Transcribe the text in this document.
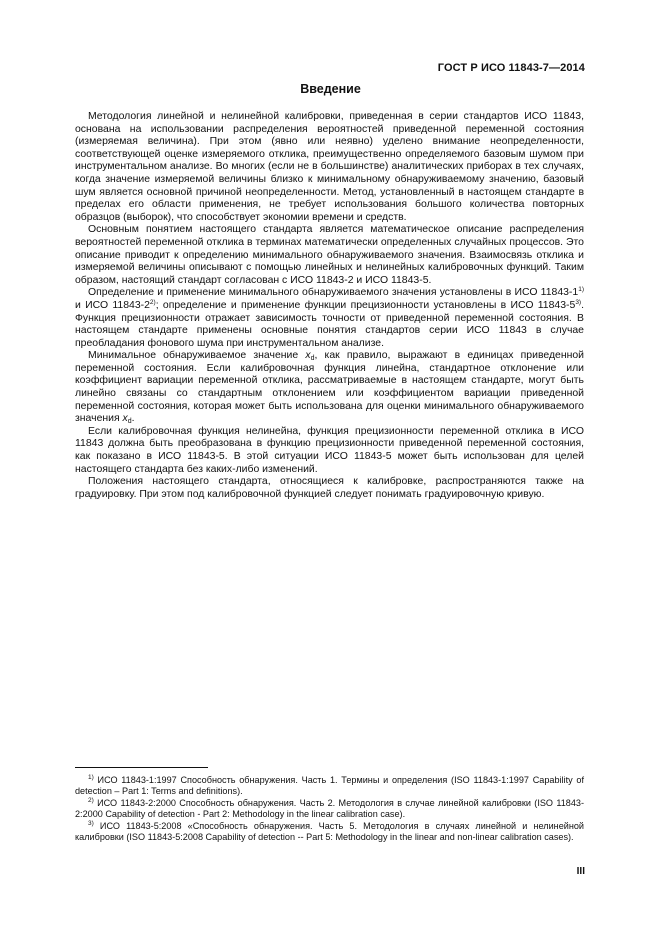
ГОСТ Р ИСО 11843-7—2014
Введение

Методология линейной и нелинейной калибровки, приведенная в серии стандартов ИСО 11843, основана на использовании распределения вероятностей приведенной переменной состояния (измеряемая величина). При этом (явно или неявно) уделено внимание неопределенности, соответствующей оценке измеряемого отклика, преимущественно определяемого базовым шумом при инструментальном анализе. Во многих (если не в большинстве) аналитических приборах в тех случаях, когда значение измеряемой величины близко к минимальному обнаруживаемому значению, базовый шум является основной причиной неопределенности. Метод, установленный в настоящем стандарте в пределах его области применения, не требует использования большого количества повторных образцов (выборок), что способствует экономии времени и средств.

Основным понятием настоящего стандарта является математическое описание распределения вероятностей переменной отклика в терминах математически определенных случайных процессов. Это описание приводит к определению минимального обнаруживаемого значения. Взаимосвязь отклика и измеряемой величины описывают с помощью линейных и нелинейных калибровочных функций. Таким образом, настоящий стандарт согласован с ИСО 11843-2 и ИСО 11843-5.

Определение и применение минимального обнаруживаемого значения установлены в ИСО 11843-1$^{1)}$ и ИСО 11843-2$^{2)}$; определение и применение функции прецизионности установлены в ИСО 11843-5$^{3)}$. Функция прецизионности отражает зависимость точности от приведенной переменной состояния. В настоящем стандарте применены основные понятия стандартов серии ИСО 11843 в случае преобладания фонового шума при инструментальном анализе.

Минимальное обнаруживаемое значение $x_d$, как правило, выражают в единицах приведенной переменной состояния. Если калибровочная функция линейна, стандартное отклонение или коэффициент вариации переменной отклика, рассматриваемые в настоящем стандарте, могут быть линейно связаны со стандартным отклонением или коэффициентом вариации приведенной переменной состояния, которая может быть использована для оценки минимального обнаруживаемого значения $x_d$.

Если калибровочная функция нелинейна, функция прецизионности переменной отклика в ИСО 11843 должна быть преобразована в функцию прецизионности приведенной переменной состояния, как показано в ИСО 11843-5. В этой ситуации ИСО 11843-5 может быть использован для целей настоящего стандарта без каких-либо изменений.

Положения настоящего стандарта, относящиеся к калибровке, распространяются также на градуировку. При этом под калибровочной функцией следует понимать градуировочную кривую.

$^{1)}$ ИСО 11843-1:1997 Способность обнаружения. Часть 1. Термины и определения (ISO 11843-1:1997 Capability of detection – Part 1: Terms and definitions).

$^{2)}$ ИСО 11843-2:2000 Способность обнаружения. Часть 2. Методология в случае линейной калибровки (ISO 11843-2:2000 Capability of detection - Part 2: Methodology in the linear calibration case).

$^{3)}$ ИСО 11843-5:2008 «Способность обнаружения. Часть 5. Методология в случаях линейной и нелинейной калибровки (ISO 11843-5:2008 Capability of detection -- Part 5: Methodology in the linear and non-linear calibration cases).

III
